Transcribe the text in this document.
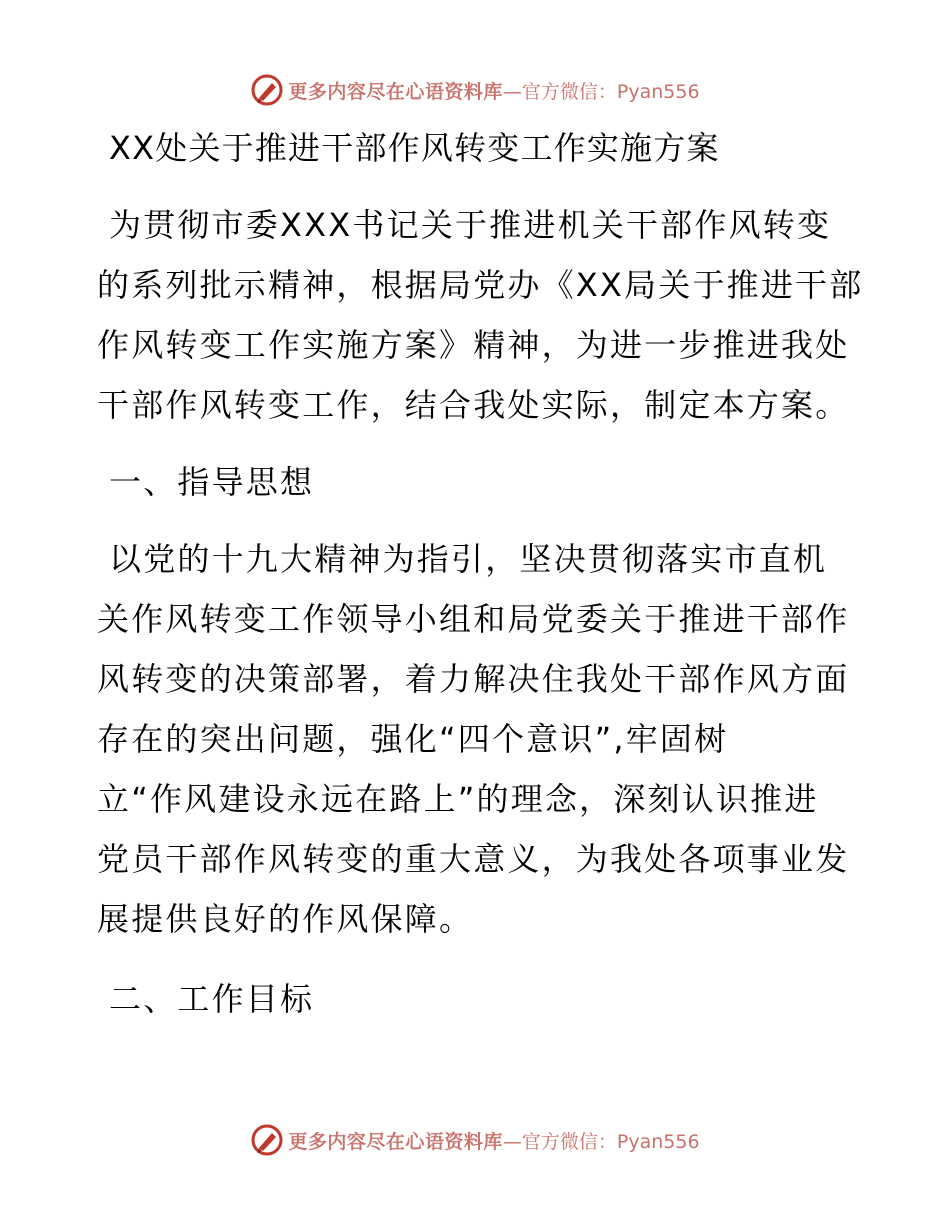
更多内容尽在心语资料库 —官方微信：Pyan556
XX处关于推进干部作风转变工作实施方案
为贯彻市委XXX书记关于推进机关干部作风转变
的系列批示精神，根据局党办《XX局关于推进干部
作风转变工作实施方案》精神，为进一步推进我处
干部作风转变工作，结合我处实际，制定本方案。
一、指导思想
以党的十九大精神为指引，坚决贯彻落实市直机
关作风转变工作领导小组和局党委关于推进干部作
风转变的决策部署，着力解决住我处干部作风方面
存在的突出问题，强化“四个意识”,牢固树
立“作风建设永远在路上”的理念，深刻认识推进
党员干部作风转变的重大意义，为我处各项事业发
展提供良好的作风保障。
二、工作目标
更多内容尽在心语资料库 —官方微信：Pyan556
